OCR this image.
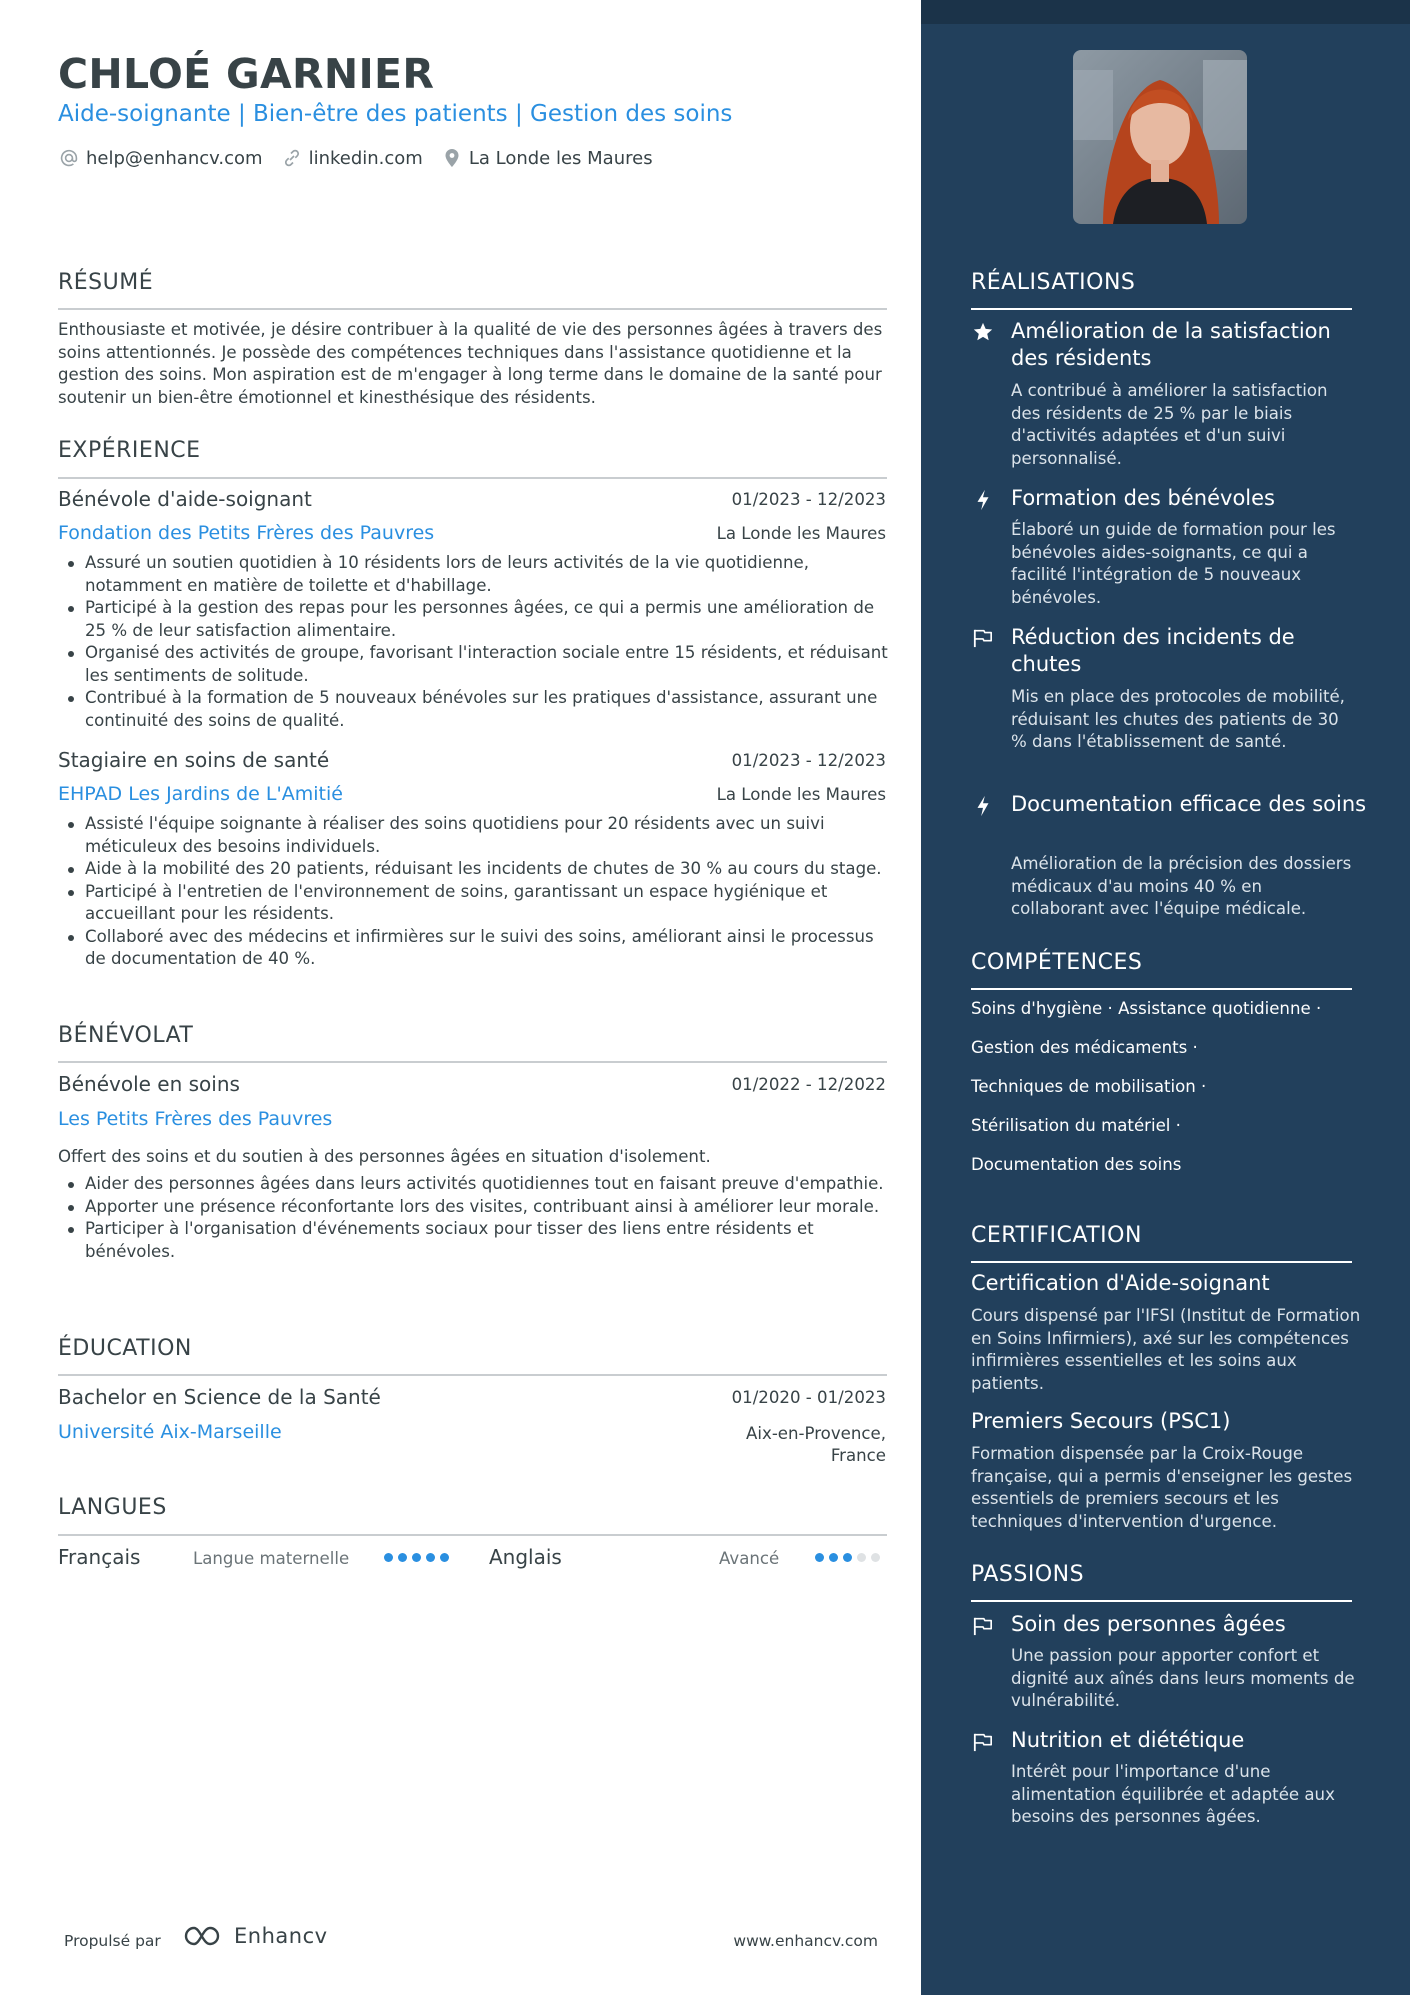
CHLOÉ GARNIER
Aide-soignante | Bien-être des patients | Gestion des soins
help@enhancv.com	linkedin.com	La Londe les Maures
RÉSUMÉ
Enthousiaste et motivée, je désire contribuer à la qualité de vie des personnes âgées à travers des soins attentionnés. Je possède des compétences techniques dans l'assistance quotidienne et la gestion des soins. Mon aspiration est de m'engager à long terme dans le domaine de la santé pour soutenir un bien-être émotionnel et kinesthésique des résidents.
EXPÉRIENCE
Bénévole d'aide-soignant	01/2023 - 12/2023
Fondation des Petits Frères des Pauvres	La Londe les Maures
Assuré un soutien quotidien à 10 résidents lors de leurs activités de la vie quotidienne, notamment en matière de toilette et d'habillage.
Participé à la gestion des repas pour les personnes âgées, ce qui a permis une amélioration de 25 % de leur satisfaction alimentaire.
Organisé des activités de groupe, favorisant l'interaction sociale entre 15 résidents, et réduisant les sentiments de solitude.
Contribué à la formation de 5 nouveaux bénévoles sur les pratiques d'assistance, assurant une continuité des soins de qualité.
Stagiaire en soins de santé	01/2023 - 12/2023
EHPAD Les Jardins de L'Amitié	La Londe les Maures
Assisté l'équipe soignante à réaliser des soins quotidiens pour 20 résidents avec un suivi méticuleux des besoins individuels.
Aide à la mobilité des 20 patients, réduisant les incidents de chutes de 30 % au cours du stage.
Participé à l'entretien de l'environnement de soins, garantissant un espace hygiénique et accueillant pour les résidents.
Collaboré avec des médecins et infirmières sur le suivi des soins, améliorant ainsi le processus de documentation de 40 %.
BÉNÉVOLAT
Bénévole en soins	01/2022 - 12/2022
Les Petits Frères des Pauvres
Offert des soins et du soutien à des personnes âgées en situation d'isolement.
Aider des personnes âgées dans leurs activités quotidiennes tout en faisant preuve d'empathie.
Apporter une présence réconfortante lors des visites, contribuant ainsi à améliorer leur morale.
Participer à l'organisation d'événements sociaux pour tisser des liens entre résidents et bénévoles.
ÉDUCATION
Bachelor en Science de la Santé	01/2020 - 01/2023
Université Aix-Marseille	Aix-en-Provence,
France
LANGUES
Français	Langue maternelle	Anglais	Avancé
Propulsé par	Enhancv	www.enhancv.com
RÉALISATIONS
Amélioration de la satisfaction des résidents
A contribué à améliorer la satisfaction des résidents de 25 % par le biais d'activités adaptées et d'un suivi personnalisé.
Formation des bénévoles
Élaboré un guide de formation pour les bénévoles aides-soignants, ce qui a facilité l'intégration de 5 nouveaux bénévoles.
Réduction des incidents de chutes
Mis en place des protocoles de mobilité, réduisant les chutes des patients de 30 % dans l'établissement de santé.
Documentation efficace des soins
Amélioration de la précision des dossiers médicaux d'au moins 40 % en collaborant avec l'équipe médicale.
COMPÉTENCES
Soins d'hygiène · Assistance quotidienne ·
Gestion des médicaments ·
Techniques de mobilisation ·
Stérilisation du matériel ·
Documentation des soins
CERTIFICATION
Certification d'Aide-soignant
Cours dispensé par l'IFSI (Institut de Formation en Soins Infirmiers), axé sur les compétences infirmières essentielles et les soins aux patients.
Premiers Secours (PSC1)
Formation dispensée par la Croix-Rouge française, qui a permis d'enseigner les gestes essentiels de premiers secours et les techniques d'intervention d'urgence.
PASSIONS
Soin des personnes âgées
Une passion pour apporter confort et dignité aux aînés dans leurs moments de vulnérabilité.
Nutrition et diététique
Intérêt pour l'importance d'une alimentation équilibrée et adaptée aux besoins des personnes âgées.
